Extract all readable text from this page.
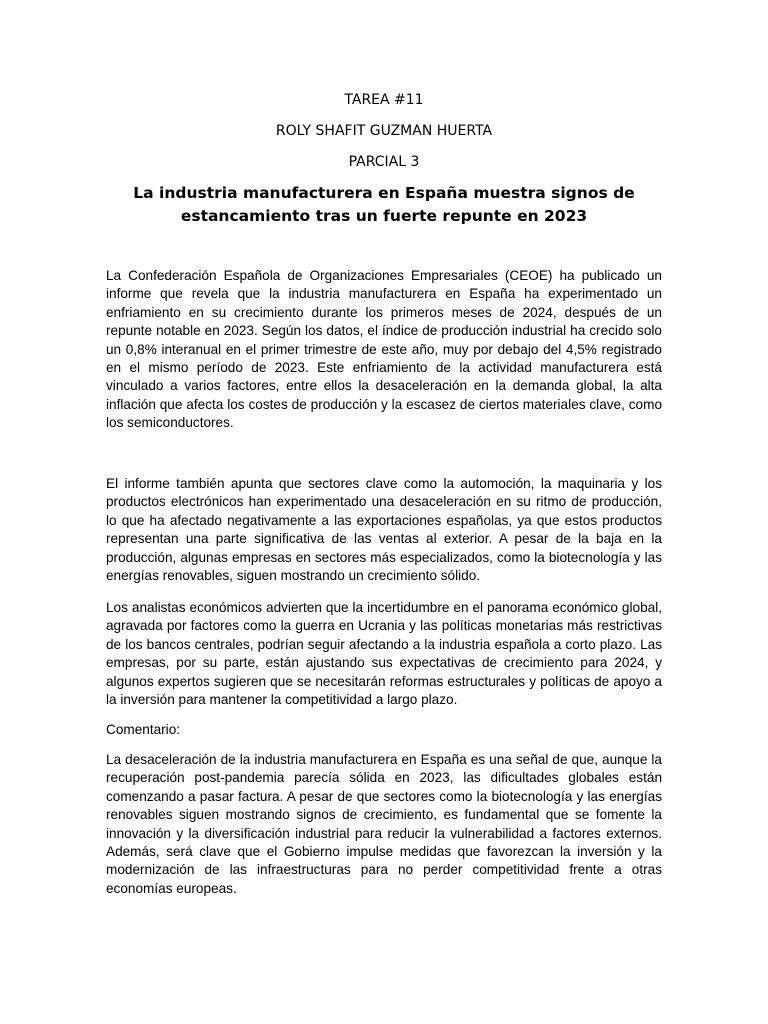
TAREA #11
ROLY SHAFIT GUZMAN HUERTA
PARCIAL 3
La industria manufacturera en España muestra signos de estancamiento tras un fuerte repunte en 2023

La Confederación Española de Organizaciones Empresariales (CEOE) ha publicado un informe que revela que la industria manufacturera en España ha experimentado un enfriamiento en su crecimiento durante los primeros meses de 2024, después de un repunte notable en 2023. Según los datos, el índice de producción industrial ha crecido solo un 0,8% interanual en el primer trimestre de este año, muy por debajo del 4,5% registrado en el mismo período de 2023. Este enfriamiento de la actividad manufacturera está vinculado a varios factores, entre ellos la desaceleración en la demanda global, la alta inflación que afecta los costes de producción y la escasez de ciertos materiales clave, como los semiconductores.

El informe también apunta que sectores clave como la automoción, la maquinaria y los productos electrónicos han experimentado una desaceleración en su ritmo de producción, lo que ha afectado negativamente a las exportaciones españolas, ya que estos productos representan una parte significativa de las ventas al exterior. A pesar de la baja en la producción, algunas empresas en sectores más especializados, como la biotecnología y las energías renovables, siguen mostrando un crecimiento sólido.

Los analistas económicos advierten que la incertidumbre en el panorama económico global, agravada por factores como la guerra en Ucrania y las políticas monetarias más restrictivas de los bancos centrales, podrían seguir afectando a la industria española a corto plazo. Las empresas, por su parte, están ajustando sus expectativas de crecimiento para 2024, y algunos expertos sugieren que se necesitarán reformas estructurales y políticas de apoyo a la inversión para mantener la competitividad a largo plazo.

Comentario:

La desaceleración de la industria manufacturera en España es una señal de que, aunque la recuperación post-pandemia parecía sólida en 2023, las dificultades globales están comenzando a pasar factura. A pesar de que sectores como la biotecnología y las energías renovables siguen mostrando signos de crecimiento, es fundamental que se fomente la innovación y la diversificación industrial para reducir la vulnerabilidad a factores externos. Además, será clave que el Gobierno impulse medidas que favorezcan la inversión y la modernización de las infraestructuras para no perder competitividad frente a otras economías europeas.
